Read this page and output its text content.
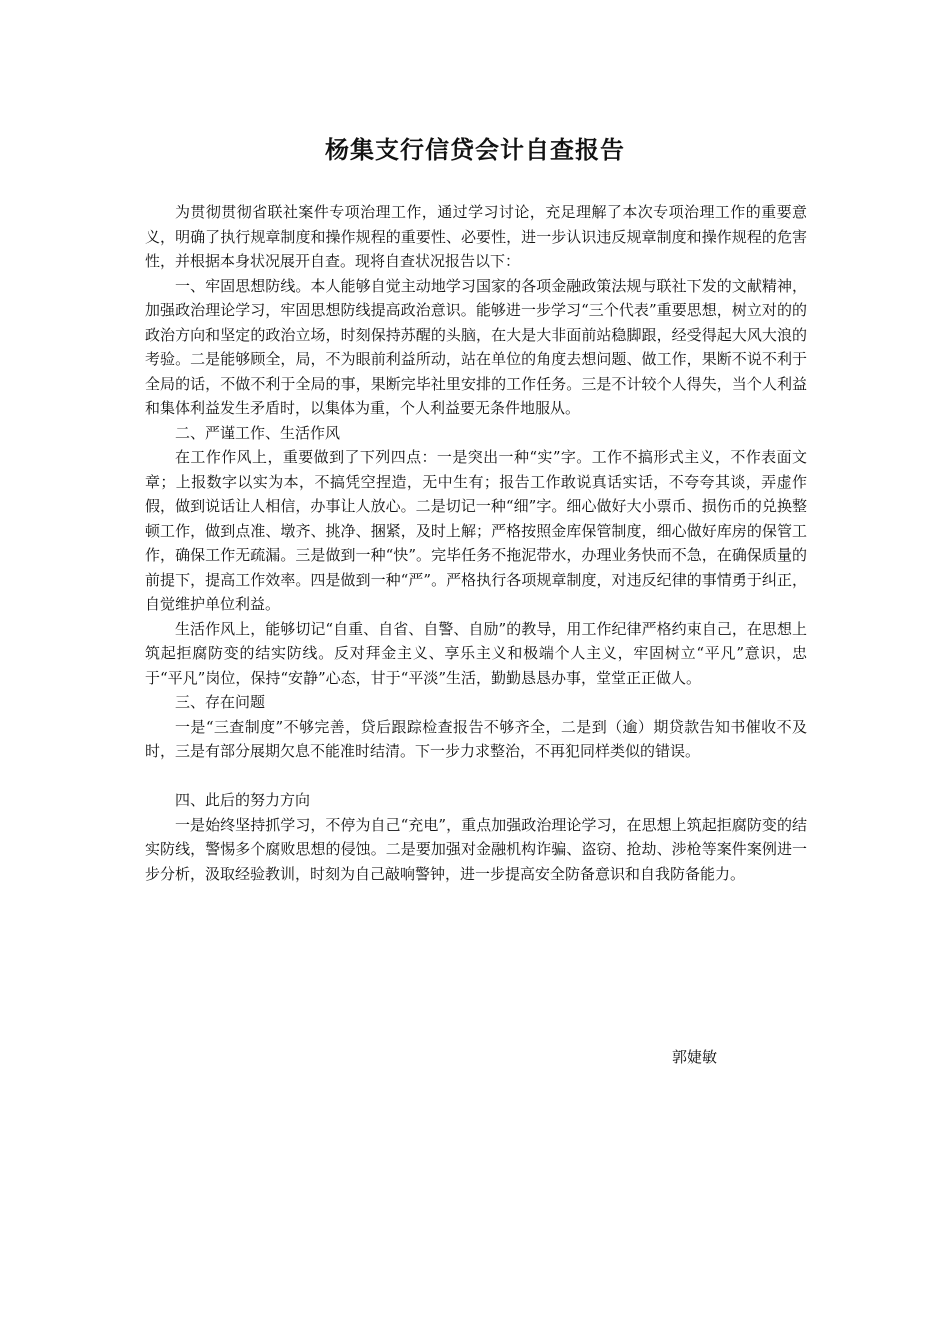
杨集支行信贷会计自查报告

为贯彻贯彻省联社案件专项治理工作，通过学习讨论，充足理解了本次专项治理工作的重要意义，明确了执行规章制度和操作规程的重要性、必要性，进一步认识违反规章制度和操作规程的危害性，并根据本身状况展开自查。现将自查状况报告以下：

一、牢固思想防线。本人能够自觉主动地学习国家的各项金融政策法规与联社下发的文献精神，加强政治理论学习，牢固思想防线提高政治意识。能够进一步学习“三个代表”重要思想，树立对的的政治方向和坚定的政治立场，时刻保持苏醒的头脑，在大是大非面前站稳脚跟，经受得起大风大浪的考验。二是能够顾全，局，不为眼前利益所动，站在单位的角度去想问题、做工作，果断不说不利于全局的话，不做不利于全局的事，果断完毕社里安排的工作任务。三是不计较个人得失，当个人利益和集体利益发生矛盾时，以集体为重，个人利益要无条件地服从。

二、严谨工作、生活作风

在工作作风上，重要做到了下列四点：一是突出一种“实”字。工作不搞形式主义，不作表面文章；上报数字以实为本，不搞凭空捏造，无中生有；报告工作敢说真话实话，不夸夸其谈，弄虚作假，做到说话让人相信，办事让人放心。二是切记一种“细”字。细心做好大小票币、损伤币的兑换整顿工作，做到点准、墩齐、挑净、捆紧，及时上解；严格按照金库保管制度，细心做好库房的保管工作，确保工作无疏漏。三是做到一种“快”。完毕任务不拖泥带水，办理业务快而不急，在确保质量的前提下，提高工作效率。四是做到一种“严”。严格执行各项规章制度，对违反纪律的事情勇于纠正，自觉维护单位利益。

生活作风上，能够切记“自重、自省、自警、自励”的教导，用工作纪律严格约束自己，在思想上筑起拒腐防变的结实防线。反对拜金主义、享乐主义和极端个人主义，牢固树立“平凡”意识，忠于“平凡”岗位，保持“安静”心态，甘于“平淡”生活，勤勤恳恳办事，堂堂正正做人。

三、存在问题

一是“三查制度”不够完善，贷后跟踪检查报告不够齐全，二是到（逾）期贷款告知书催收不及时，三是有部分展期欠息不能准时结清。下一步力求整治，不再犯同样类似的错误。

四、此后的努力方向

一是始终坚持抓学习，不停为自己“充电”，重点加强政治理论学习，在思想上筑起拒腐防变的结实防线，警惕多个腐败思想的侵蚀。二是要加强对金融机构诈骗、盗窃、抢劫、涉枪等案件案例进一步分析，汲取经验教训，时刻为自己敲响警钟，进一步提高安全防备意识和自我防备能力。

郭婕敏
